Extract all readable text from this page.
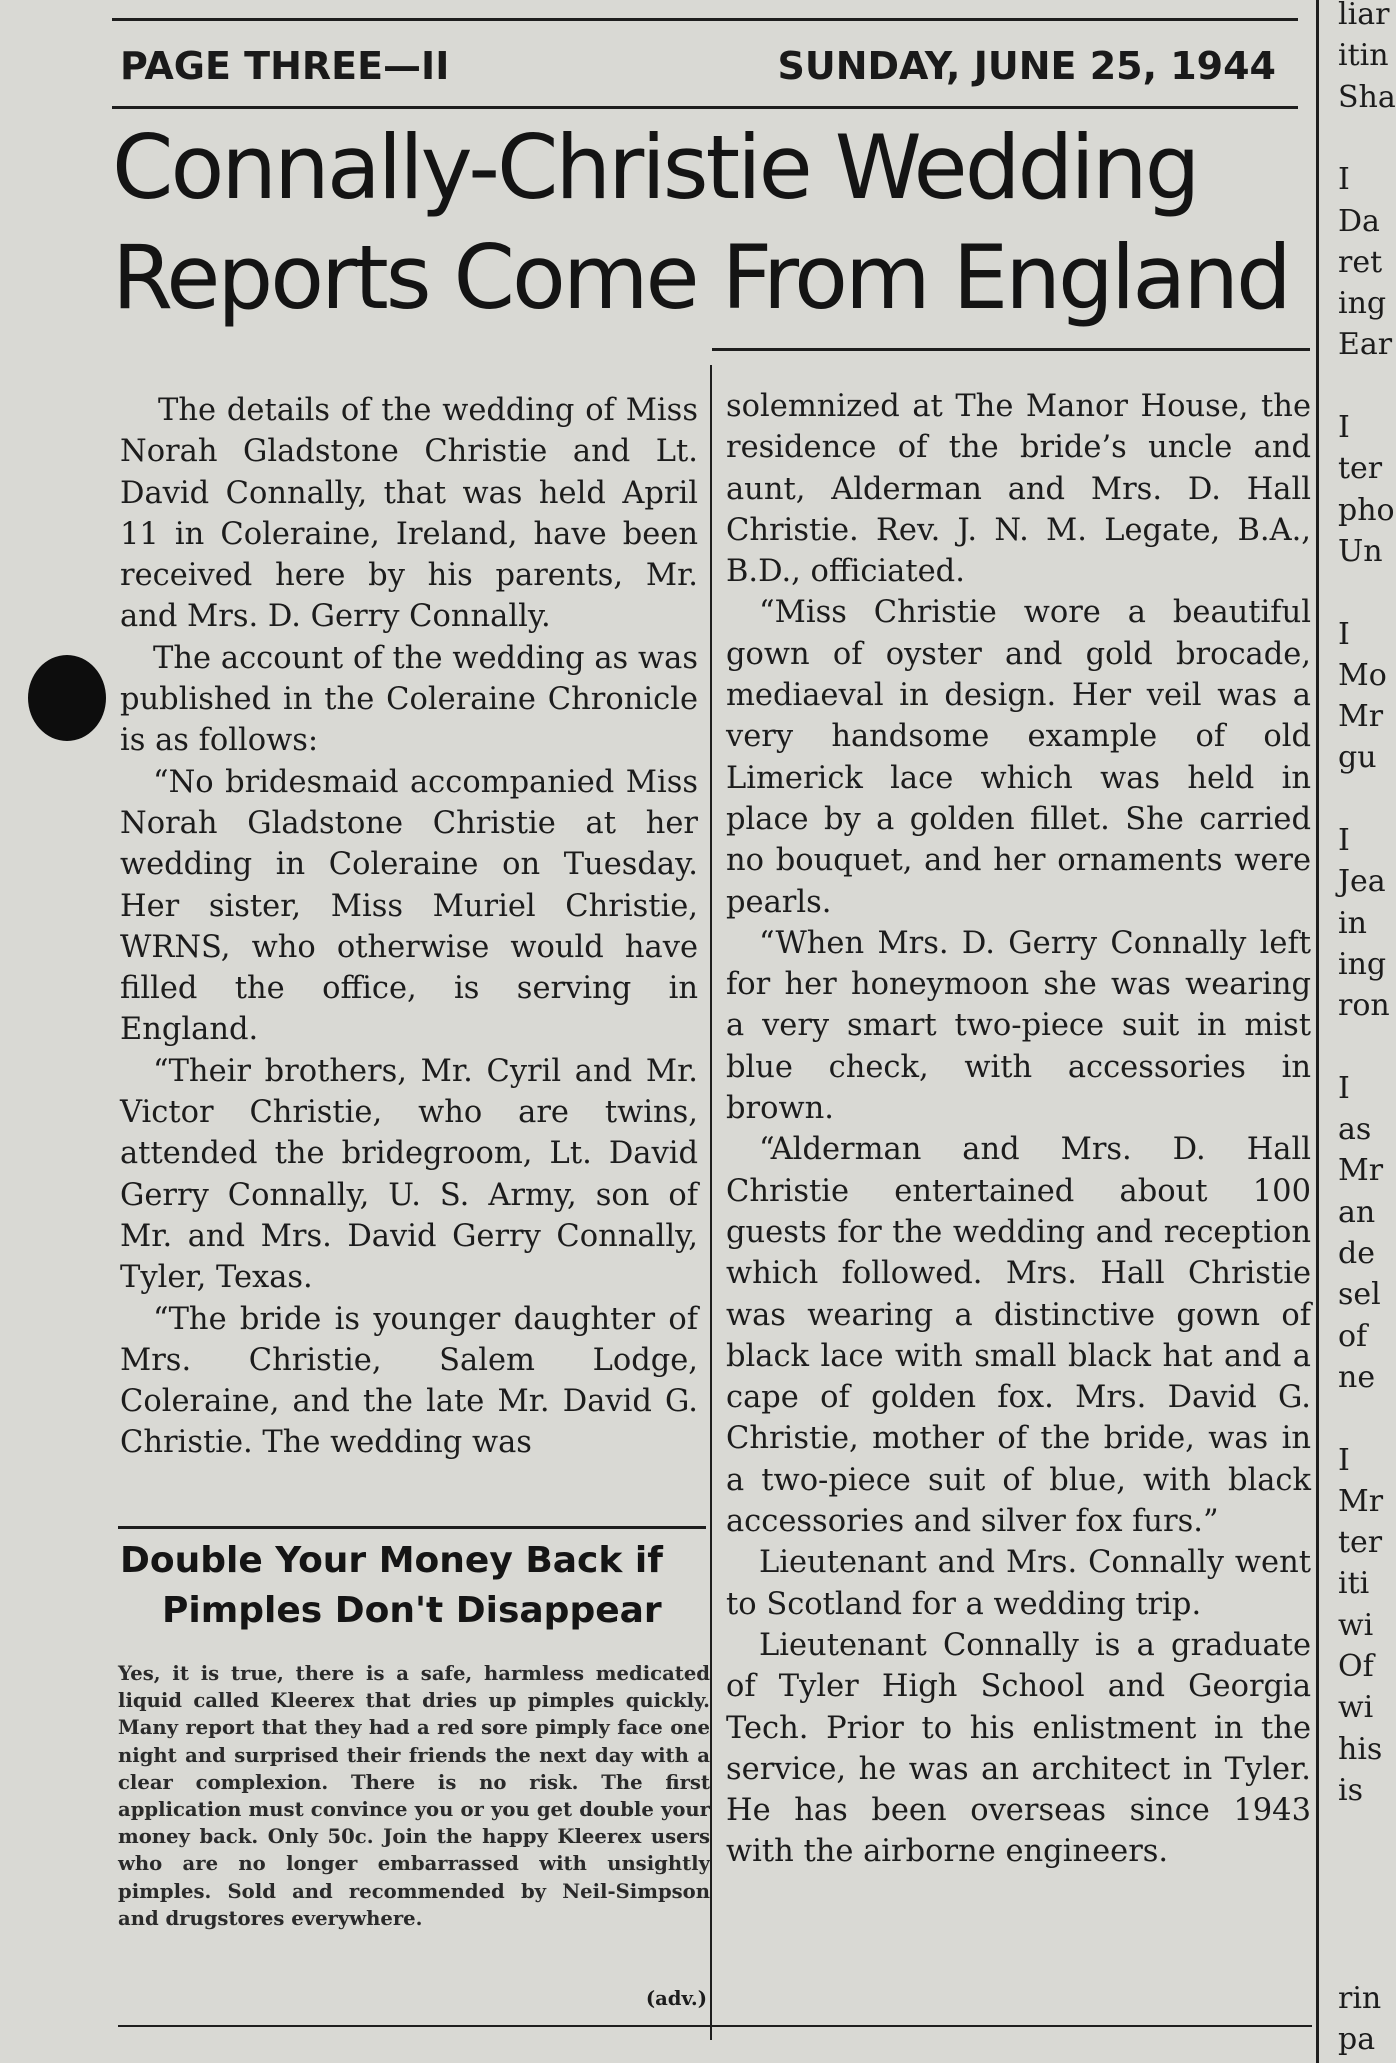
PAGE THREE—II	SUNDAY, JUNE 25, 1944
Connally-Christie Wedding
Reports Come From England

The details of the wedding of Miss Norah Gladstone Christie and Lt. David Connally, that was held April 11 in Coleraine, Ireland, have been received here by his parents, Mr. and Mrs. D. Gerry Connally.

The account of the wedding as was published in the Coleraine Chronicle is as follows:

“No bridesmaid accompanied Miss Norah Gladstone Christie at her wedding in Coleraine on Tuesday. Her sister, Miss Muriel Christie, WRNS, who otherwise would have filled the office, is serving in England.

“Their brothers, Mr. Cyril and Mr. Victor Christie, who are twins, attended the bridegroom, Lt. David Gerry Connally, U. S. Army, son of Mr. and Mrs. David Gerry Connally, Tyler, Texas.

“The bride is younger daughter of Mrs. Christie, Salem Lodge, Coleraine, and the late Mr. David G. Christie. The wedding was

Double Your Money Back if
Pimples Don't Disappear
Yes, it is true, there is a safe, harmless medicated liquid called Kleerex that dries up pimples quickly. Many report that they had a red sore pimply face one night and surprised their friends the next day with a clear complexion. There is no risk. The first application must convince you or you get double your money back. Only 50c. Join the happy Kleerex users who are no longer embarrassed with unsightly pimples. Sold and recommended by Neil-Simpson and drugstores everywhere.
(adv.)

solemnized at The Manor House, the residence of the bride’s uncle and aunt, Alderman and Mrs. D. Hall Christie. Rev. J. N. M. Legate, B.A., B.D., officiated.

“Miss Christie wore a beautiful gown of oyster and gold brocade, mediaeval in design. Her veil was a very handsome example of old Limerick lace which was held in place by a golden fillet. She carried no bouquet, and her ornaments were pearls.

“When Mrs. D. Gerry Connally left for her honeymoon she was wearing a very smart two-piece suit in mist blue check, with accessories in brown.

“Alderman and Mrs. D. Hall Christie entertained about 100 guests for the wedding and reception which followed. Mrs. Hall Christie was wearing a distinctive gown of black lace with small black hat and a cape of golden fox. Mrs. David G. Christie, mother of the bride, was in a two-piece suit of blue, with black accessories and silver fox furs.”

Lieutenant and Mrs. Connally went to Scotland for a wedding trip.

Lieutenant Connally is a graduate of Tyler High School and Georgia Tech. Prior to his enlistment in the service, he was an architect in Tyler. He has been overseas since 1943 with the airborne engineers.

liar
itin
Sha
I
Da
ret
ing
Ear
I
ter
pho
Un
I
Mo
Mr
gu
I
Jea
in
ing
ron
I
as
Mr
an
de
sel
of
ne
I
Mr
ter
iti
wi
Of
wi
his
is
rin
pa
